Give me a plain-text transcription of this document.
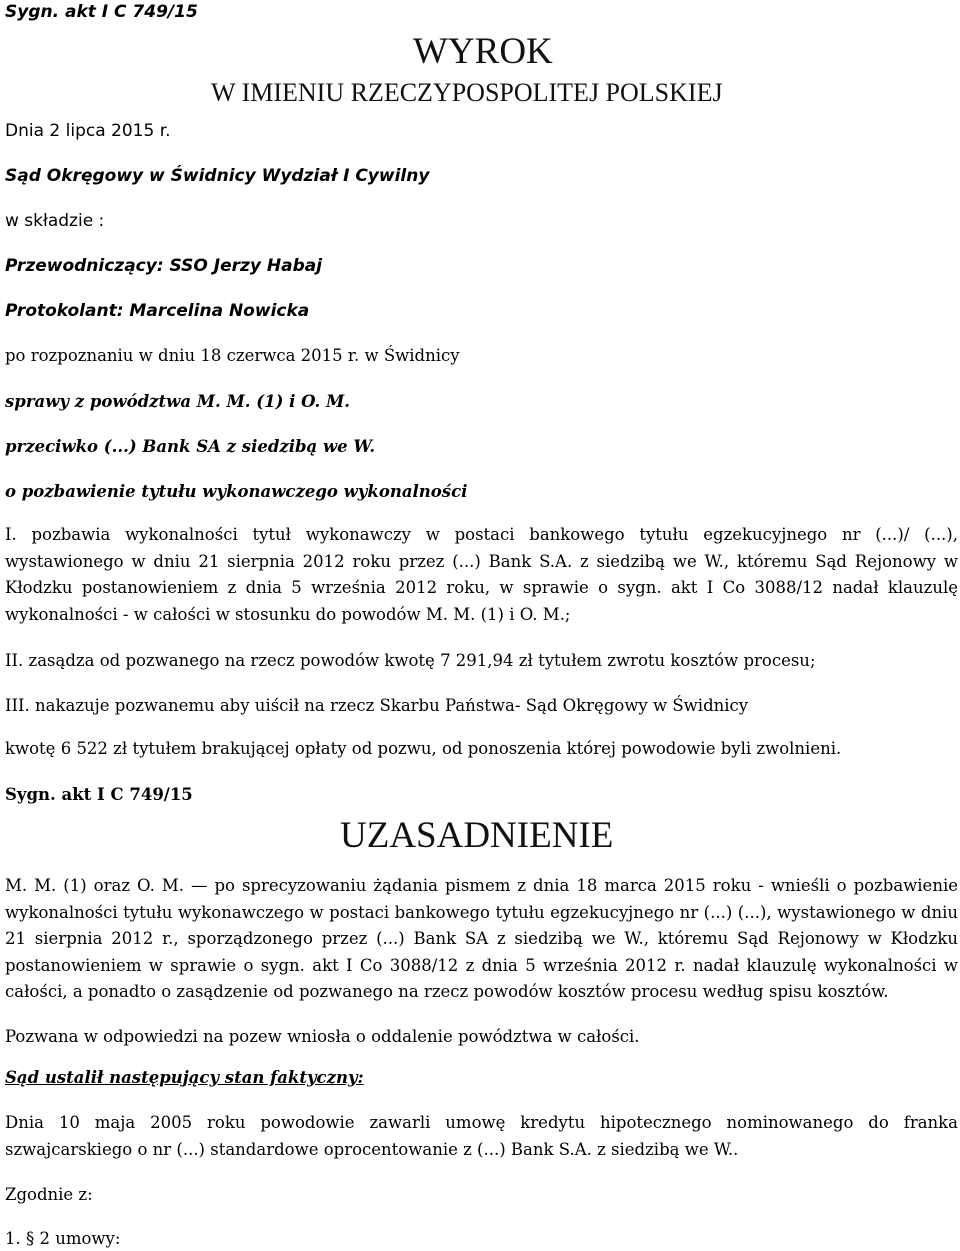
Sygn. akt I C 749/15
WYROK
W IMIENIU RZECZYPOSPOLITEJ POLSKIEJ
Dnia 2 lipca 2015 r.
Sąd Okręgowy w Świdnicy Wydział I Cywilny
w składzie :
Przewodniczący: SSO Jerzy Habaj
Protokolant: Marcelina Nowicka
po rozpoznaniu w dniu 18 czerwca 2015 r. w Świdnicy
sprawy z powództwa M. M. (1) i O. M.
przeciwko (...) Bank SA z siedzibą we W.
o pozbawienie tytułu wykonawczego wykonalności
I. pozbawia wykonalności tytuł wykonawczy w postaci bankowego tytułu egzekucyjnego nr (...)/ (...), wystawionego w dniu 21 sierpnia 2012 roku przez (...) Bank S.A. z siedzibą we W., któremu Sąd Rejonowy w Kłodzku postanowieniem z dnia 5 września 2012 roku, w sprawie o sygn. akt I Co 3088/12 nadał klauzulę wykonalności - w całości w stosunku do powodów M. M. (1) i O. M.;
II. zasądza od pozwanego na rzecz powodów kwotę 7 291,94 zł tytułem zwrotu kosztów procesu;
III. nakazuje pozwanemu aby uiścił na rzecz Skarbu Państwa- Sąd Okręgowy w Świdnicy
kwotę 6 522 zł tytułem brakującej opłaty od pozwu, od ponoszenia której powodowie byli zwolnieni.
Sygn. akt I C 749/15
UZASADNIENIE
M. M. (1) oraz O. M. — po sprecyzowaniu żądania pismem z dnia 18 marca 2015 roku - wnieśli o pozbawienie wykonalności tytułu wykonawczego w postaci bankowego tytułu egzekucyjnego nr (...) (...), wystawionego w dniu 21 sierpnia 2012 r., sporządzonego przez (...) Bank SA z siedzibą we W., któremu Sąd Rejonowy w Kłodzku postanowieniem w sprawie o sygn. akt I Co 3088/12 z dnia 5 września 2012 r. nadał klauzulę wykonalności w całości, a ponadto o zasądzenie od pozwanego na rzecz powodów kosztów procesu według spisu kosztów.
Pozwana w odpowiedzi na pozew wniosła o oddalenie powództwa w całości.
Sąd ustalił następujący stan faktyczny:
Dnia 10 maja 2005 roku powodowie zawarli umowę kredytu hipotecznego nominowanego do franka szwajcarskiego o nr (...) standardowe oprocentowanie z (...) Bank S.A. z siedzibą we W..
Zgodnie z:
1. § 2 umowy:
